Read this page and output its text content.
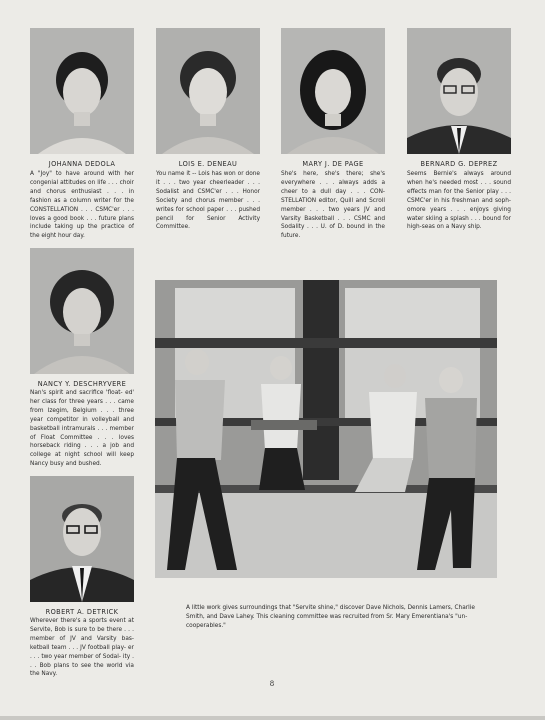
JOHANNA DEDOLA
A "Joy" to have around with her congenial attitudes on life . . . choir and chorus enthusiast . . . in fashion as a column writer for the CONSTELLATION . . . CSMC'er . . . loves a good book . . . future plans include taking up the practice of the eight hour day.
LOIS E. DENEAU
You name it -- Lois has won or done it . . . two year cheerleader . . . Sodalist and CSMC'er . . . Honor Society and chorus member . . . writes for school paper . . . pushed pencil for Senior Activity Committee.
MARY J. DE PAGE
She's here, she's there; she's everywhere . . . always adds a cheer to a dull day . . . CON- STELLATION editor, Quill and Scroll member . . . two years JV and Varsity Basketball . . . CSMC and Sodality . . . U. of D. bound in the future.
BERNARD G. DEPREZ
Seems Bernie's always around when he's needed most . . . sound effects man for the Senior play . . . CSMC'er in his freshman and soph- omore years . . . enjoys giving water skiing a splash . . . bound for high-seas on a Navy ship.
NANCY Y. DESCHRYVERE
Nan's spirit and sacrifice 'float- ed' her class for three years . . . came from Izegim, Belgium . . . three year competitor in volleyball and basketball intramurals . . . member of Float Committee . . . loves horseback riding . . . a job and college at night school will keep Nancy busy and bushed.
ROBERT A. DETRICK
Wherever there's a sports event at Servite, Bob is sure to be there . . . member of JV and Varsity bas- ketball team . . . JV football play- er . . . two year member of Sodal- ity . . . Bob plans to see the world via the Navy.
A little work gives surroundings that "Servite shine," discover Dave Nichols, Dennis Lamers, Charlie Smith, and Dave Lahey. This cleaning committee was recruited from Sr. Mary Emerentiana's "un-cooperables."
8
